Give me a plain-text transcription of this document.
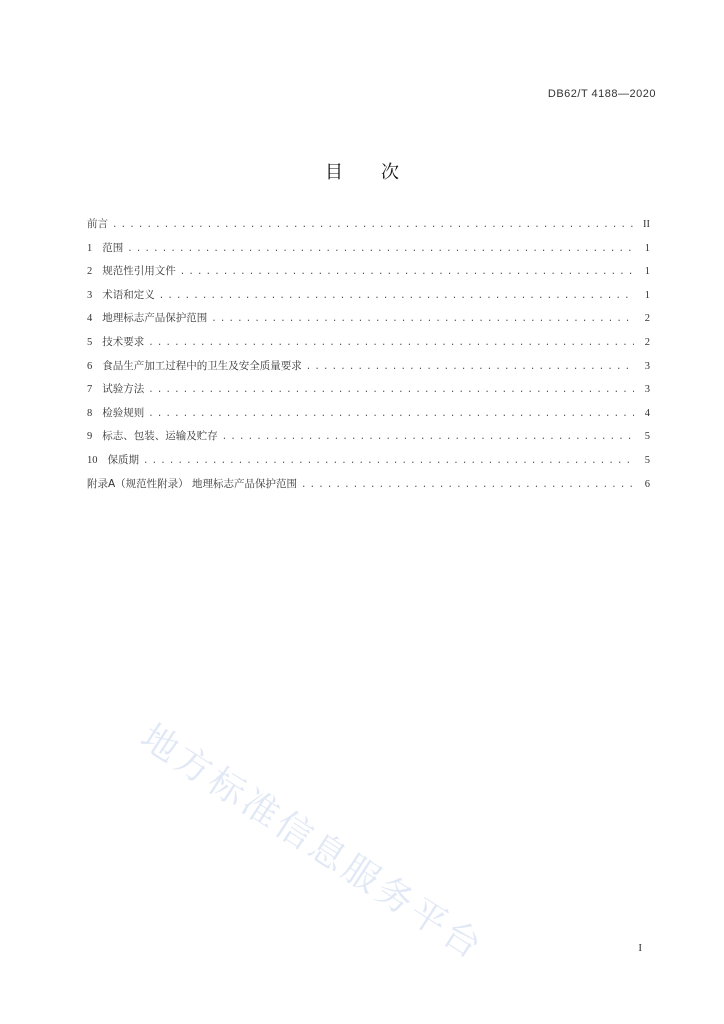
DB62/T 4188—2020
目次
前言 .....	II
1 范围 .....	1
2 规范性引用文件 .....	1
3 术语和定义 .....	1
4 地理标志产品保护范围 .....	2
5 技术要求 .....	2
6 食品生产加工过程中的卫生及安全质量要求 .....	3
7 试验方法 .....	3
8 检验规则 .....	4
9 标志、包装、运输及贮存 .....	5
10 保质期 .....	5
附录A（规范性附录） 地理标志产品保护范围 .....	6
地方标准信息服务平台	I
